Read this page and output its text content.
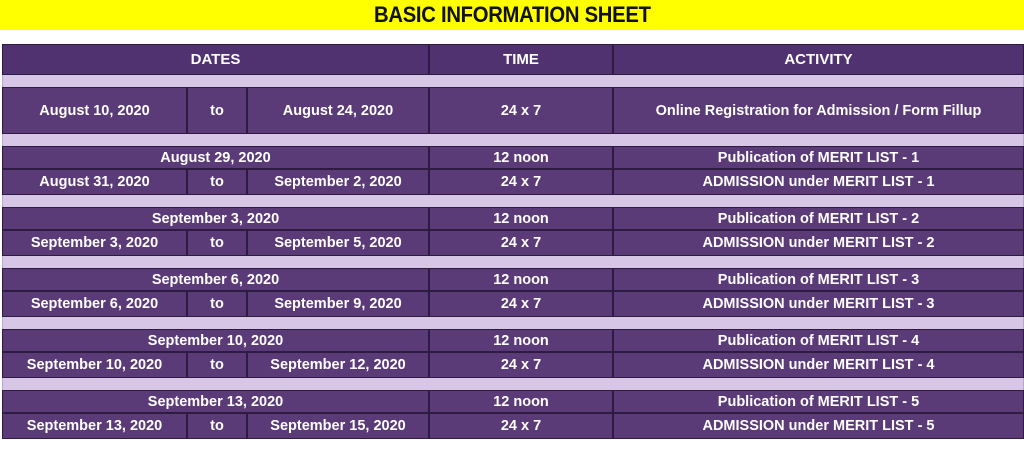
BASIC INFORMATION SHEET
DATES	TIME	ACTIVITY
August 10, 2020	to	August 24, 2020	24 x 7	Online Registration for Admission / Form Fillup
August 29, 2020	12 noon	Publication of MERIT LIST - 1
August 31, 2020	to	September 2, 2020	24 x 7	ADMISSION under MERIT LIST - 1
September 3, 2020	12 noon	Publication of MERIT LIST - 2
September 3, 2020	to	September 5, 2020	24 x 7	ADMISSION under MERIT LIST - 2
September 6, 2020	12 noon	Publication of MERIT LIST - 3
September 6, 2020	to	September 9, 2020	24 x 7	ADMISSION under MERIT LIST - 3
September 10, 2020	12 noon	Publication of MERIT LIST - 4
September 10, 2020	to	September 12, 2020	24 x 7	ADMISSION under MERIT LIST - 4
September 13, 2020	12 noon	Publication of MERIT LIST - 5
September 13, 2020	to	September 15, 2020	24 x 7	ADMISSION under MERIT LIST - 5
